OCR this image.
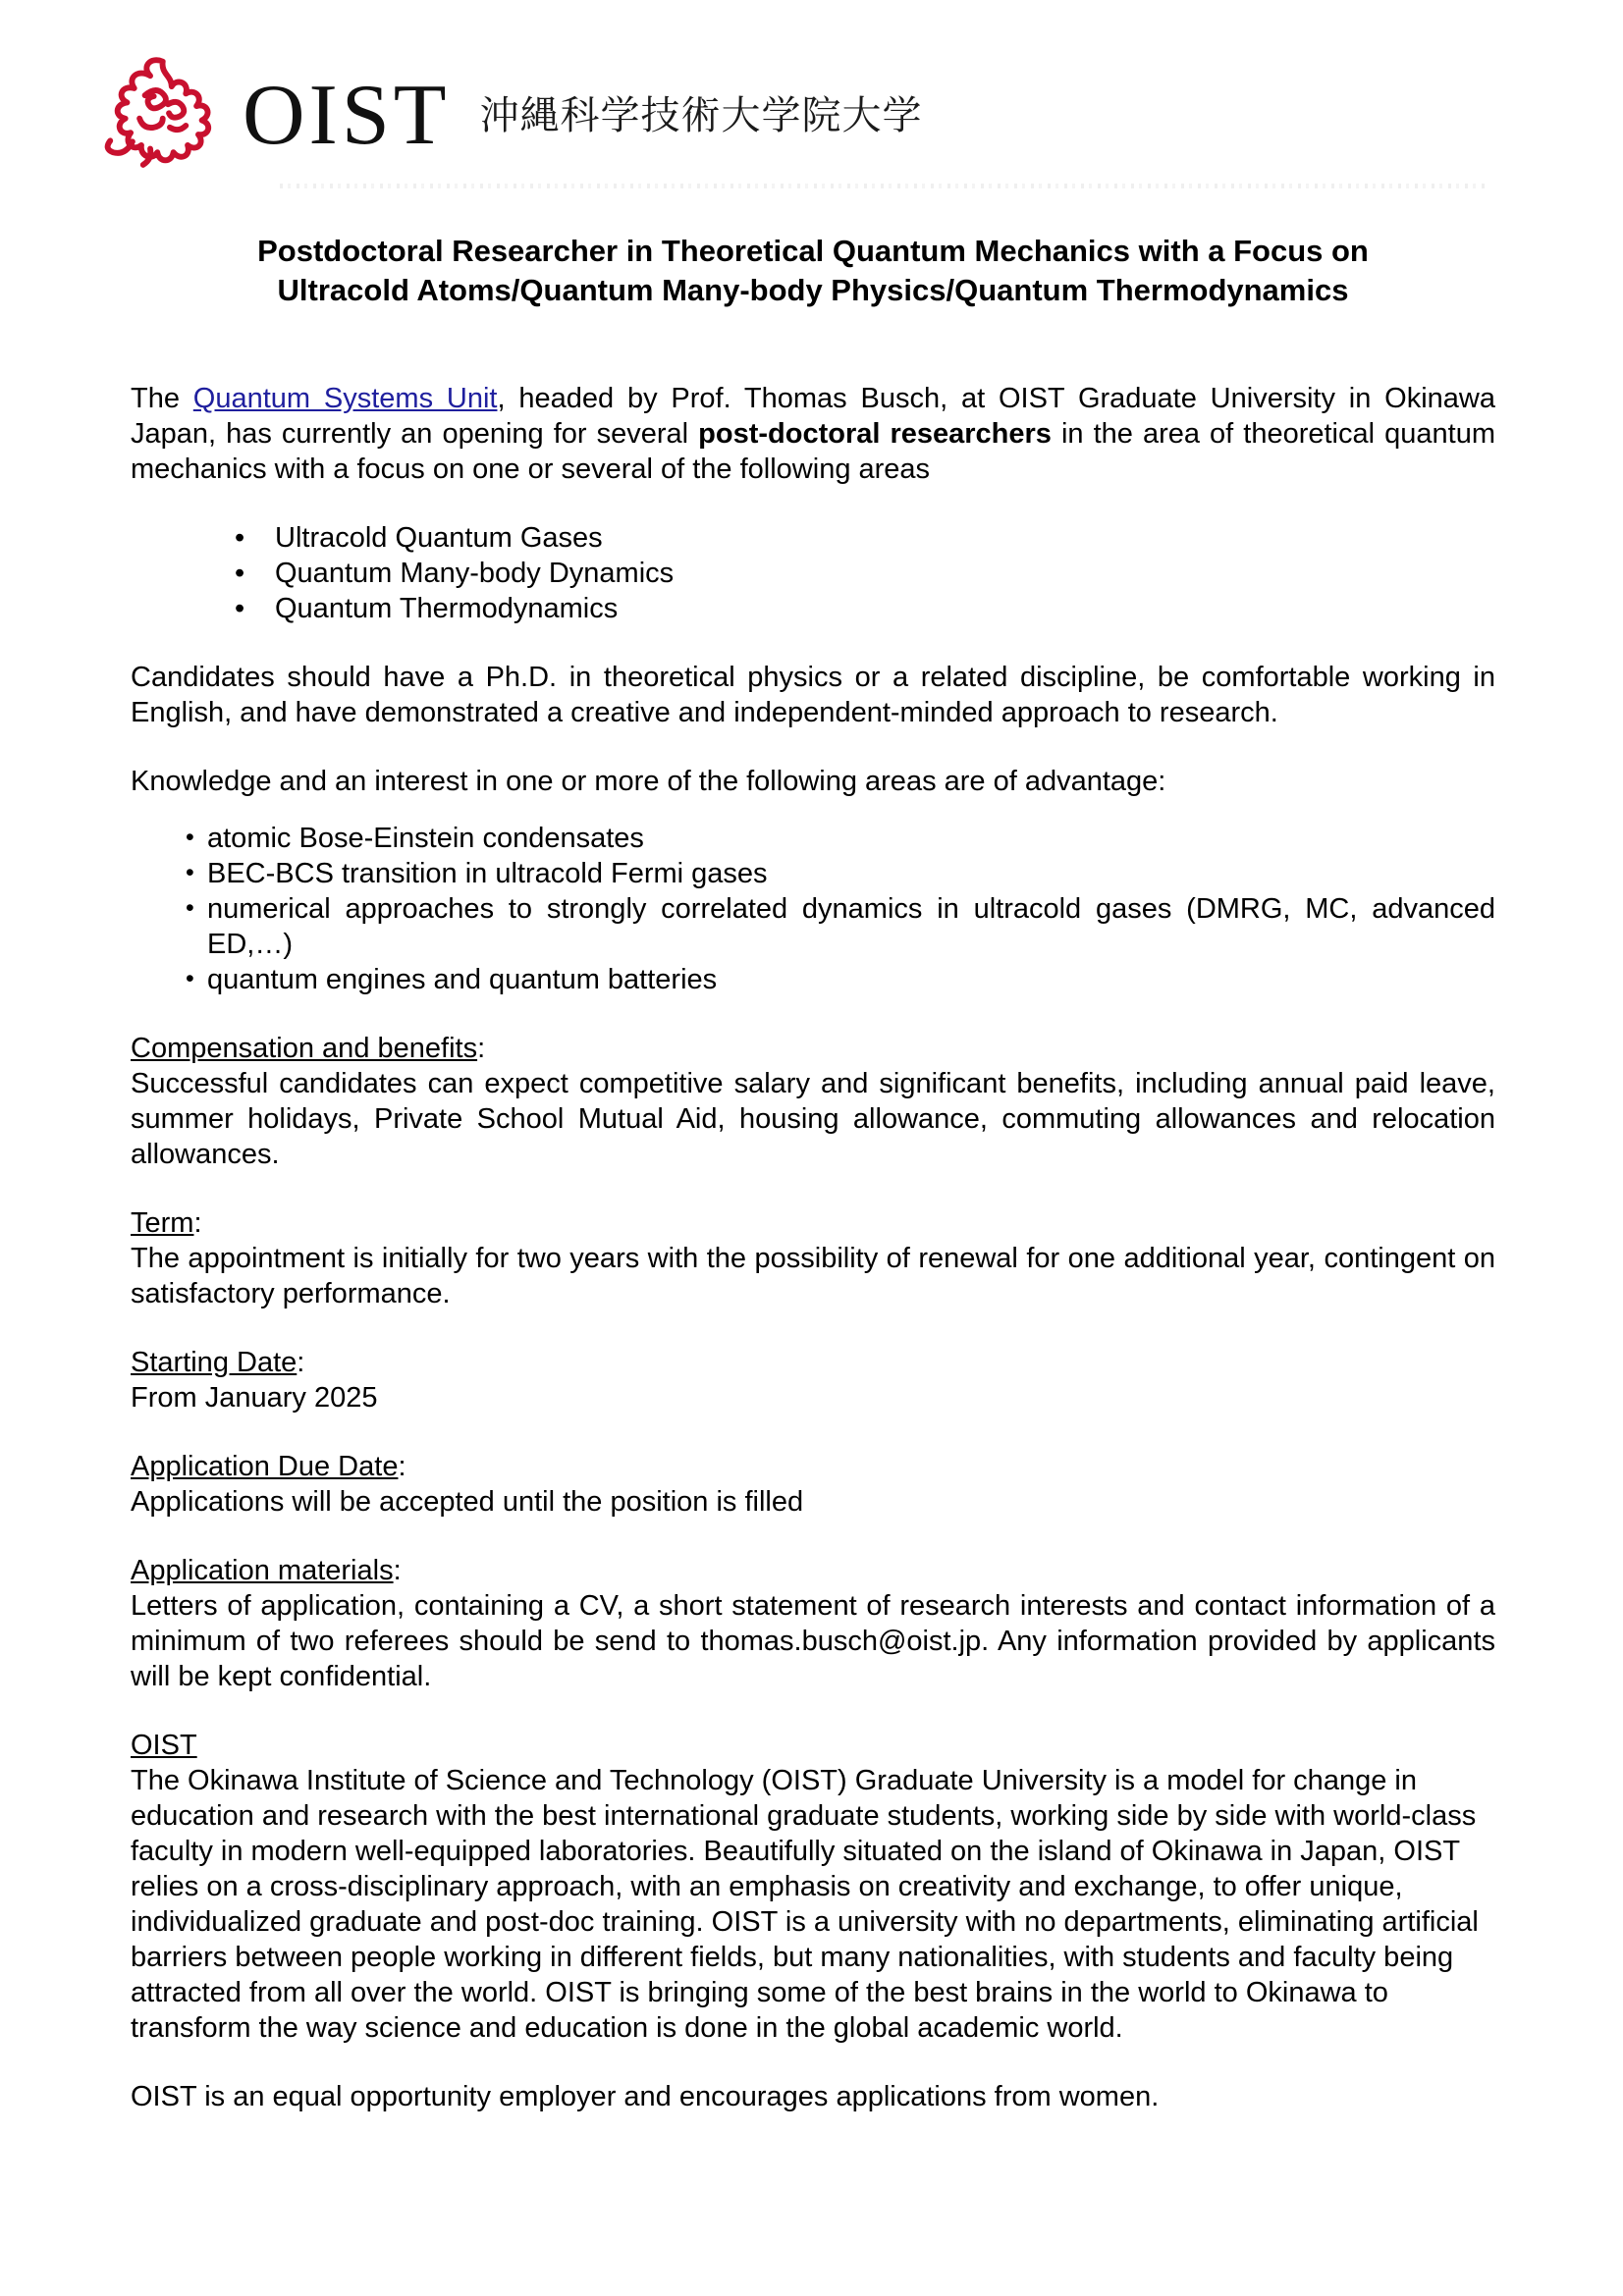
OIST 沖縄科学技術大学院大学
Postdoctoral Researcher in Theoretical Quantum Mechanics with a Focus on
Ultracold Atoms/Quantum Many-body Physics/Quantum Thermodynamics

The Quantum Systems Unit, headed by Prof. Thomas Busch, at OIST Graduate University in Okinawa Japan, has currently an opening for several post-doctoral researchers in the area of theoretical quantum mechanics with a focus on one or several of the following areas

• Ultracold Quantum Gases
• Quantum Many-body Dynamics
• Quantum Thermodynamics

Candidates should have a Ph.D. in theoretical physics or a related discipline, be comfortable working in English, and have demonstrated a creative and independent-minded approach to research.

Knowledge and an interest in one or more of the following areas are of advantage:

• atomic Bose-Einstein condensates
• BEC-BCS transition in ultracold Fermi gases
• numerical approaches to strongly correlated dynamics in ultracold gases (DMRG, MC, advanced ED,…)
• quantum engines and quantum batteries
Compensation and benefits:

Successful candidates can expect competitive salary and significant benefits, including annual paid leave, summer holidays, Private School Mutual Aid, housing allowance, commuting allowances and relocation allowances.

Term:

The appointment is initially for two years with the possibility of renewal for one additional year, contingent on satisfactory performance.

Starting Date:

From January 2025

Application Due Date:

Applications will be accepted until the position is filled

Application materials:

Letters of application, containing a CV, a short statement of research interests and contact information of a minimum of two referees should be send to thomas.busch@oist.jp. Any information provided by applicants will be kept confidential.

OIST

The Okinawa Institute of Science and Technology (OIST) Graduate University is a model for change in education and research with the best international graduate students, working side by side with world-class faculty in modern well-equipped laboratories. Beautifully situated on the island of Okinawa in Japan, OIST relies on a cross-disciplinary approach, with an emphasis on creativity and exchange, to offer unique, individualized graduate and post-doc training. OIST is a university with no departments, eliminating artificial barriers between people working in different fields, but many nationalities, with students and faculty being attracted from all over the world. OIST is bringing some of the best brains in the world to Okinawa to transform the way science and education is done in the global academic world.

OIST is an equal opportunity employer and encourages applications from women.
